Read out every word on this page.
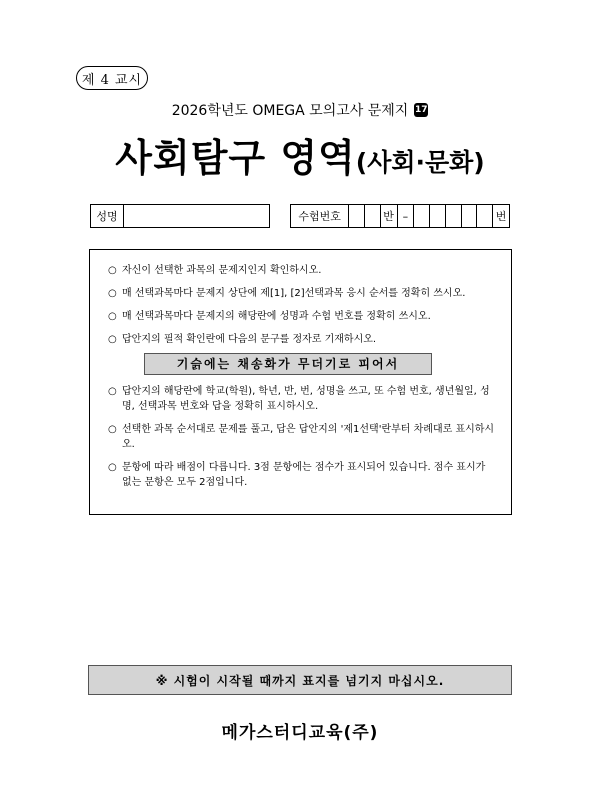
제 4 교시
2026학년도 OMEGA 모의고사 문제지 17
사회탐구 영역(사회·문화)
성명	수험번호	반 –	번
○ 자신이 선택한 과목의 문제지인지 확인하시오.
○ 매 선택과목마다 문제지 상단에 제[1], [2]선택과목 응시 순서를 정확히 쓰시오.
○ 매 선택과목마다 문제지의 해당란에 성명과 수험 번호를 정확히 쓰시오.
○ 답안지의 필적 확인란에 다음의 문구를 정자로 기재하시오.
기슭에는 채송화가 무더기로 피어서
○ 답안지의 해당란에 학교(학원), 학년, 반, 번, 성명을 쓰고, 또 수험 번호, 생년월일, 성명, 선택과목 번호와 답을 정확히 표시하시오.
○ 선택한 과목 순서대로 문제를 풀고, 답은 답안지의 '제1선택'란부터 차례대로 표시하시오.
○ 문항에 따라 배점이 다릅니다. 3점 문항에는 점수가 표시되어 있습니다. 점수 표시가 없는 문항은 모두 2점입니다.
※ 시험이 시작될 때까지 표지를 넘기지 마십시오.
메가스터디교육(주)
